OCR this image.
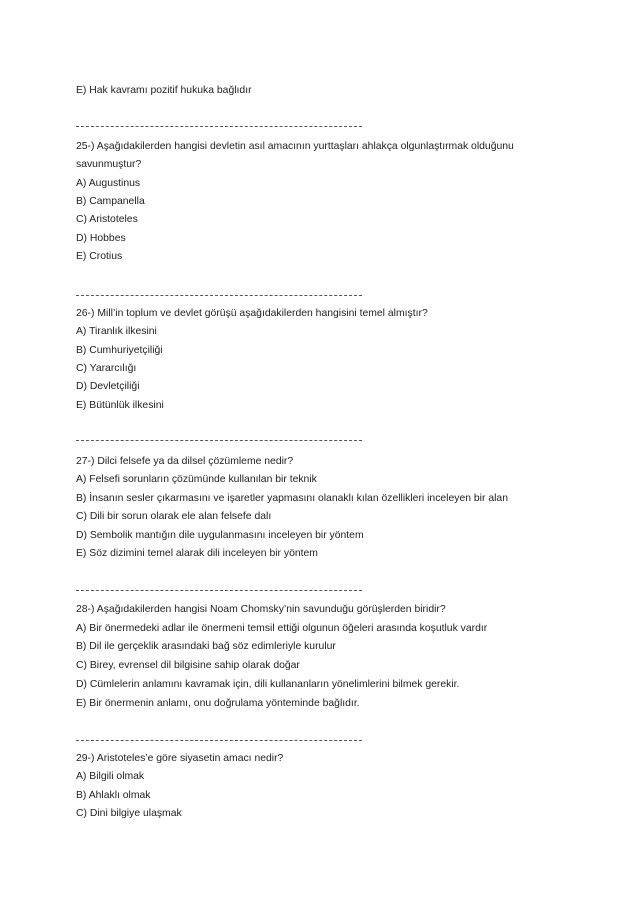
E) Hak kavramı pozitif hukuka bağlıdır
25-) Aşağıdakilerden hangisi devletin asıl amacının yurttaşları ahlakça olgunlaştırmak olduğunu
savunmuştur?
A) Augustinus
B) Campanella
C) Aristoteles
D) Hobbes
E) Crotius
26-) Mill’in toplum ve devlet görüşü aşağıdakilerden hangisini temel almıştır?
A) Tiranlık ilkesini
B) Cumhuriyetçiliği
C) Yararcılığı
D) Devletçiliği
E) Bütünlük ilkesini
27-) Dilci felsefe ya da dilsel çözümleme nedir?
A) Felsefi sorunların çözümünde kullanılan bir teknik
B) İnsanın sesler çıkarmasını ve işaretler yapmasını olanaklı kılan özellikleri inceleyen bir alan
C) Dili bir sorun olarak ele alan felsefe dalı
D) Sembolik mantığın dile uygulanmasını inceleyen bir yöntem
E) Söz dizimini temel alarak dili inceleyen bir yöntem
28-) Aşağıdakilerden hangisi Noam Chomsky’nin savunduğu görüşlerden biridir?
A) Bir önermedeki adlar ile önermeni temsil ettiği olgunun öğeleri arasında koşutluk vardır
B) Dil ile gerçeklik arasındaki bağ söz edimleriyle kurulur
C) Birey, evrensel dil bilgisine sahip olarak doğar
D) Cümlelerin anlamını kavramak için, dili kullananların yönelimlerini bilmek gerekir.
E) Bir önermenin anlamı, onu doğrulama yönteminde bağlıdır.
29-) Aristoteles’e göre siyasetin amacı nedir?
A) Bilgili olmak
B) Ahlaklı olmak
C) Dini bilgiye ulaşmak
